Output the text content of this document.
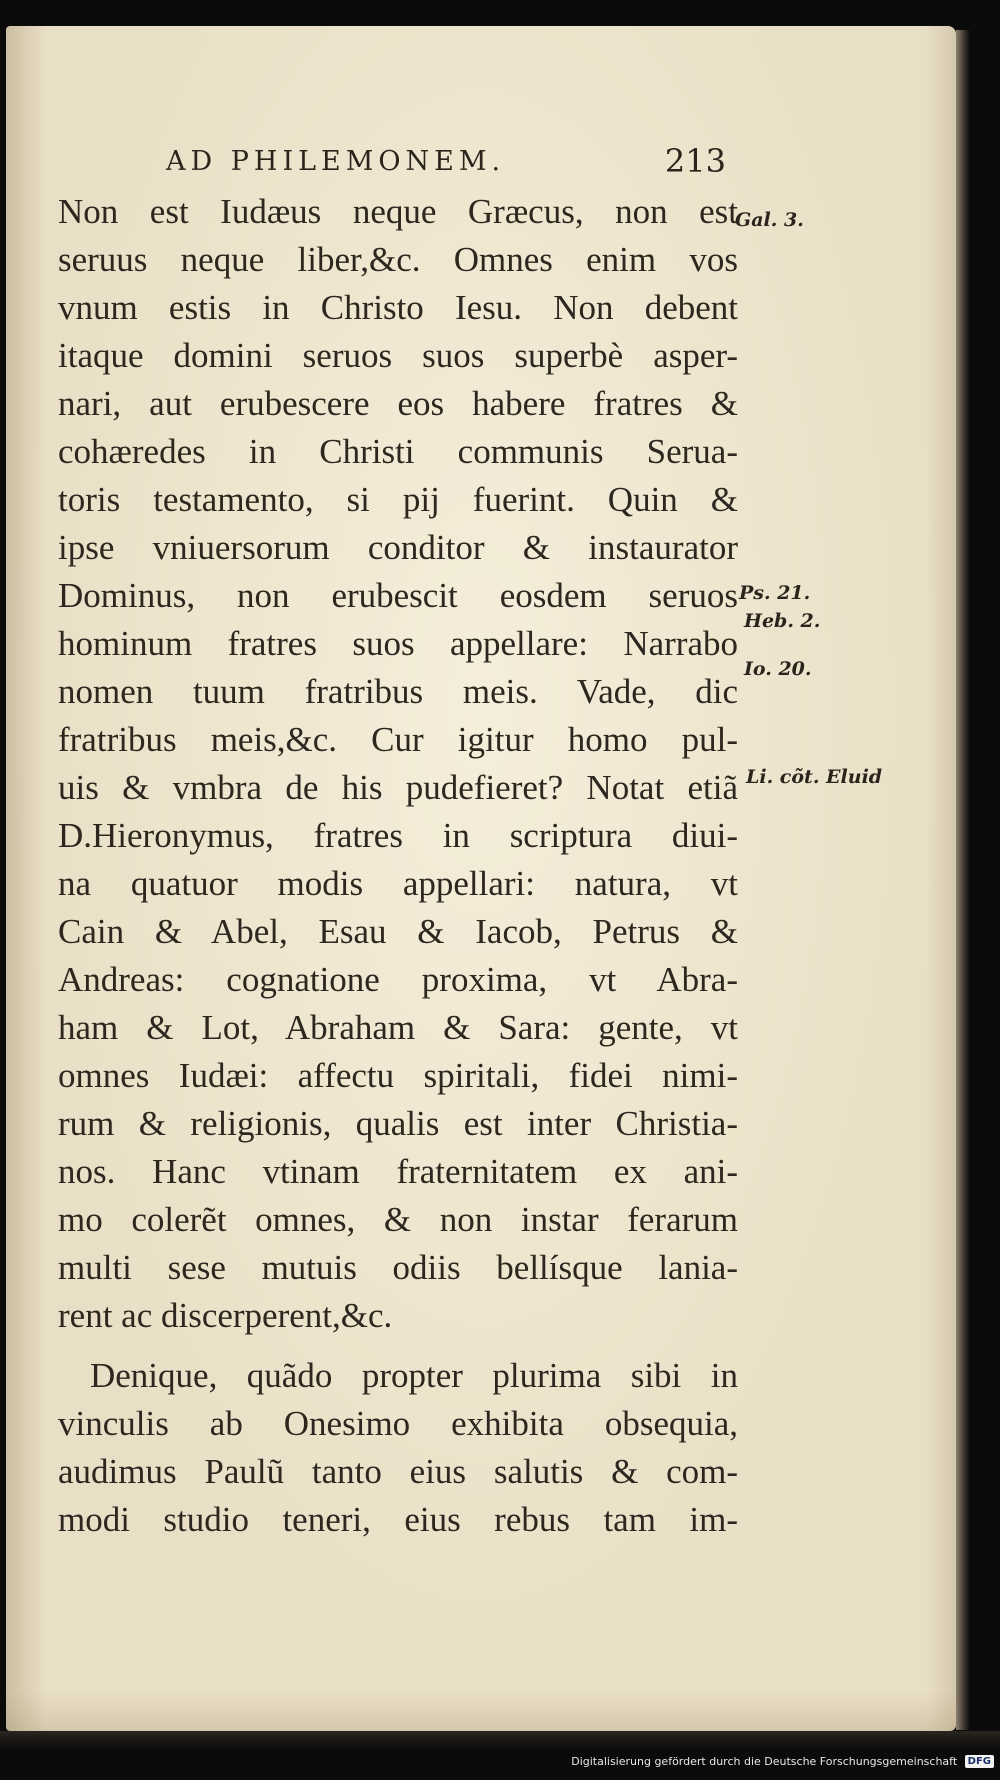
AD PHILEMONEM.	213
Non est Iudæus neque Græcus, non est
seruus neque liber,&c. Omnes enim vos
vnum estis in Christo Iesu. Non debent
itaque domini seruos suos superbè asper-
nari, aut erubescere eos habere fratres &
cohæredes in Christi communis Serua-
toris testamento, si pij fuerint. Quin &
ipse vniuersorum conditor & instaurator
Dominus, non erubescit eosdem seruos
hominum fratres suos appellare: Narrabo
nomen tuum fratribus meis. Vade, dic
fratribus meis,&c. Cur igitur homo pul-
uis & vmbra de his pudefieret? Notat etiã
D.Hieronymus, fratres in scriptura diui-
na quatuor modis appellari: natura, vt
Cain & Abel, Esau & Iacob, Petrus &
Andreas: cognatione proxima, vt Abra-
ham & Lot, Abraham & Sara: gente, vt
omnes Iudæi: affectu spiritali, fidei nimi-
rum & religionis, qualis est inter Christia-
nos. Hanc vtinam fraternitatem ex ani-
mo colerẽt omnes, & non instar ferarum
multi sese mutuis odiis bellísque lania-
rent ac discerperent,&c.
Denique, quãdo propter plurima sibi in
vinculis ab Onesimo exhibita obsequia,
audimus Paulũ tanto eius salutis & com-
modi studio teneri, eius rebus tam im-
Gal. 3.
Ps. 21.
Heb. 2.
Io. 20.
Li. cõt. Eluid
Digitalisierung gefördert durch die Deutsche Forschungsgemeinschaft DFG
